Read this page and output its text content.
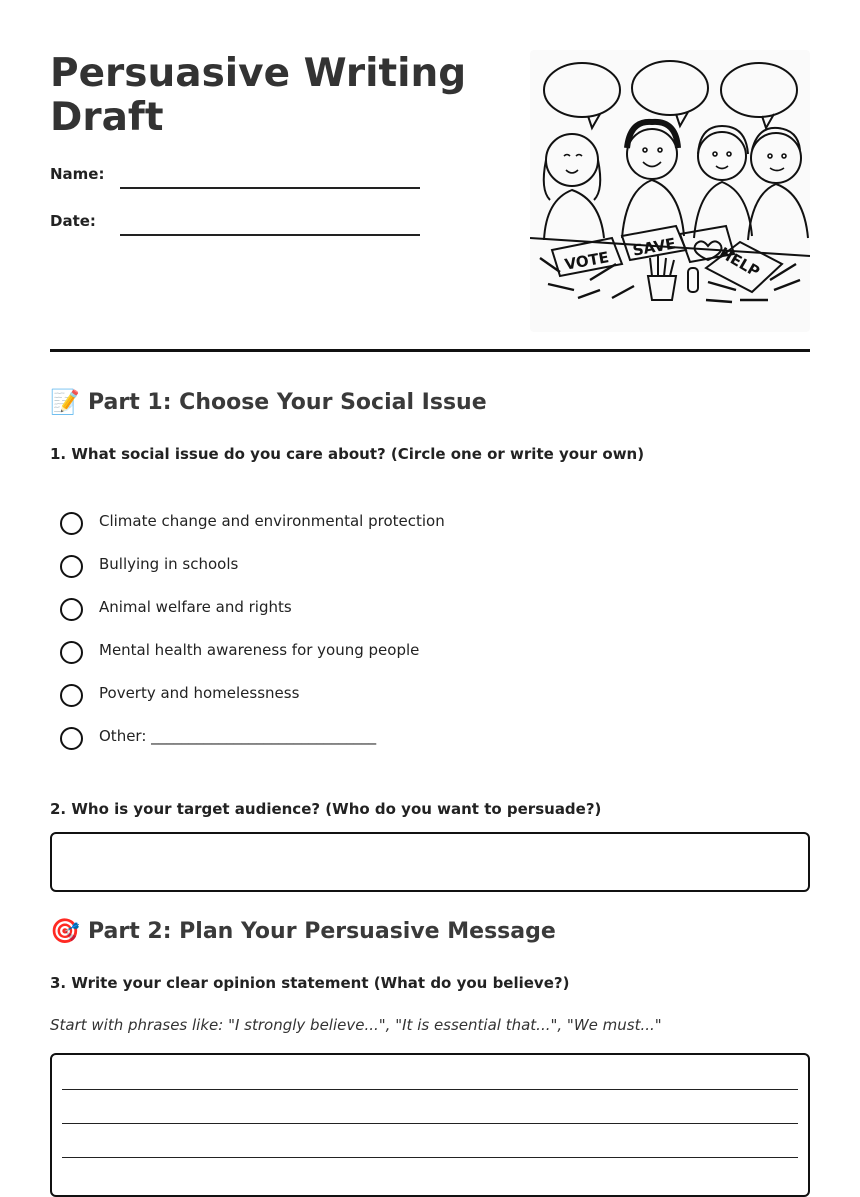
Persuasive Writing Draft
Name:
Date:
VOTE
SAVE	HELP
📝 Part 1: Choose Your Social Issue
1. What social issue do you care about? (Circle one or write your own)
Climate change and environmental protection
Bullying in schools
Animal welfare and rights
Mental health awareness for young people
Poverty and homelessness
Other: ______________________________
2. Who is your target audience? (Who do you want to persuade?)
🎯 Part 2: Plan Your Persuasive Message
3. Write your clear opinion statement (What do you believe?)
Start with phrases like: "I strongly believe...", "It is essential that...", "We must..."
